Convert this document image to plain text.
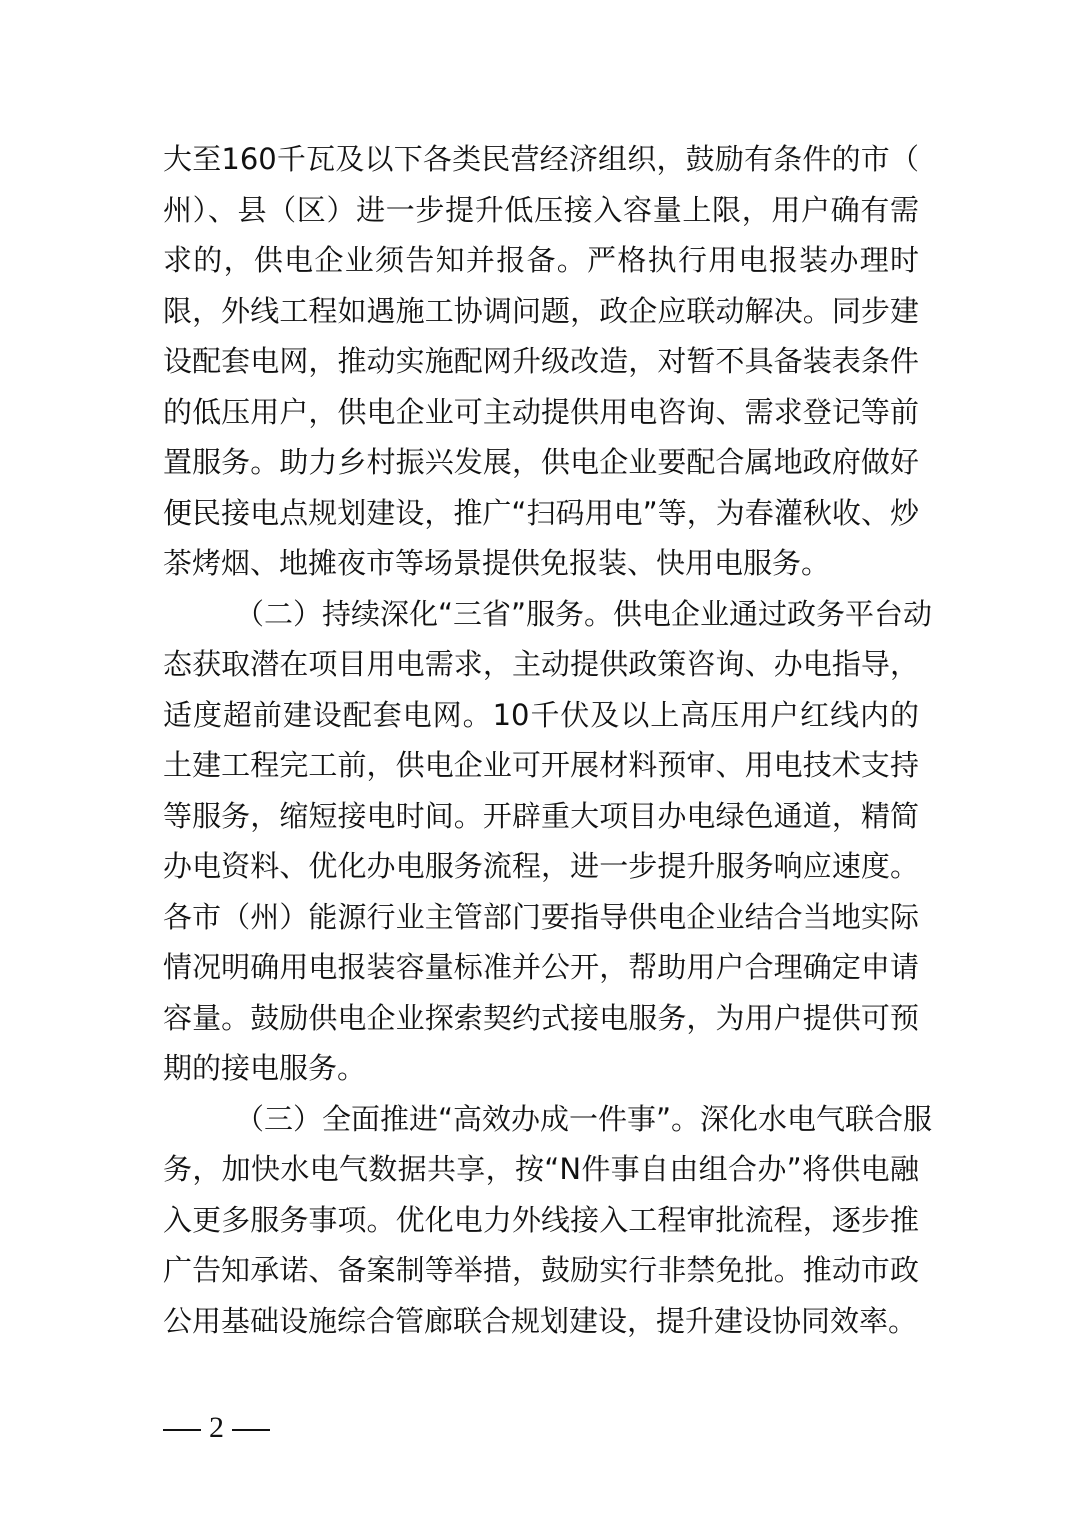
大至160千瓦及以下各类民营经济组织，鼓励有条件的市（
州）、县（区）进一步提升低压接入容量上限，用户确有需
求的，供电企业须告知并报备。严格执行用电报装办理时
限，外线工程如遇施工协调问题，政企应联动解决。同步建
设配套电网，推动实施配网升级改造，对暂不具备装表条件
的低压用户，供电企业可主动提供用电咨询、需求登记等前
置服务。助力乡村振兴发展，供电企业要配合属地政府做好
便民接电点规划建设，推广“扫码用电”等，为春灌秋收、炒
茶烤烟、地摊夜市等场景提供免报装、快用电服务。
（二）持续深化“三省”服务。供电企业通过政务平台动
态获取潜在项目用电需求，主动提供政策咨询、办电指导，
适度超前建设配套电网。10千伏及以上高压用户红线内的
土建工程完工前，供电企业可开展材料预审、用电技术支持
等服务，缩短接电时间。开辟重大项目办电绿色通道，精简
办电资料、优化办电服务流程，进一步提升服务响应速度。
各市（州）能源行业主管部门要指导供电企业结合当地实际
情况明确用电报装容量标准并公开，帮助用户合理确定申请
容量。鼓励供电企业探索契约式接电服务，为用户提供可预
期的接电服务。
（三）全面推进“高效办成一件事”。深化水电气联合服
务，加快水电气数据共享，按“N件事自由组合办”将供电融
入更多服务事项。优化电力外线接入工程审批流程，逐步推
广告知承诺、备案制等举措，鼓励实行非禁免批。推动市政
公用基础设施综合管廊联合规划建设，提升建设协同效率。
2
